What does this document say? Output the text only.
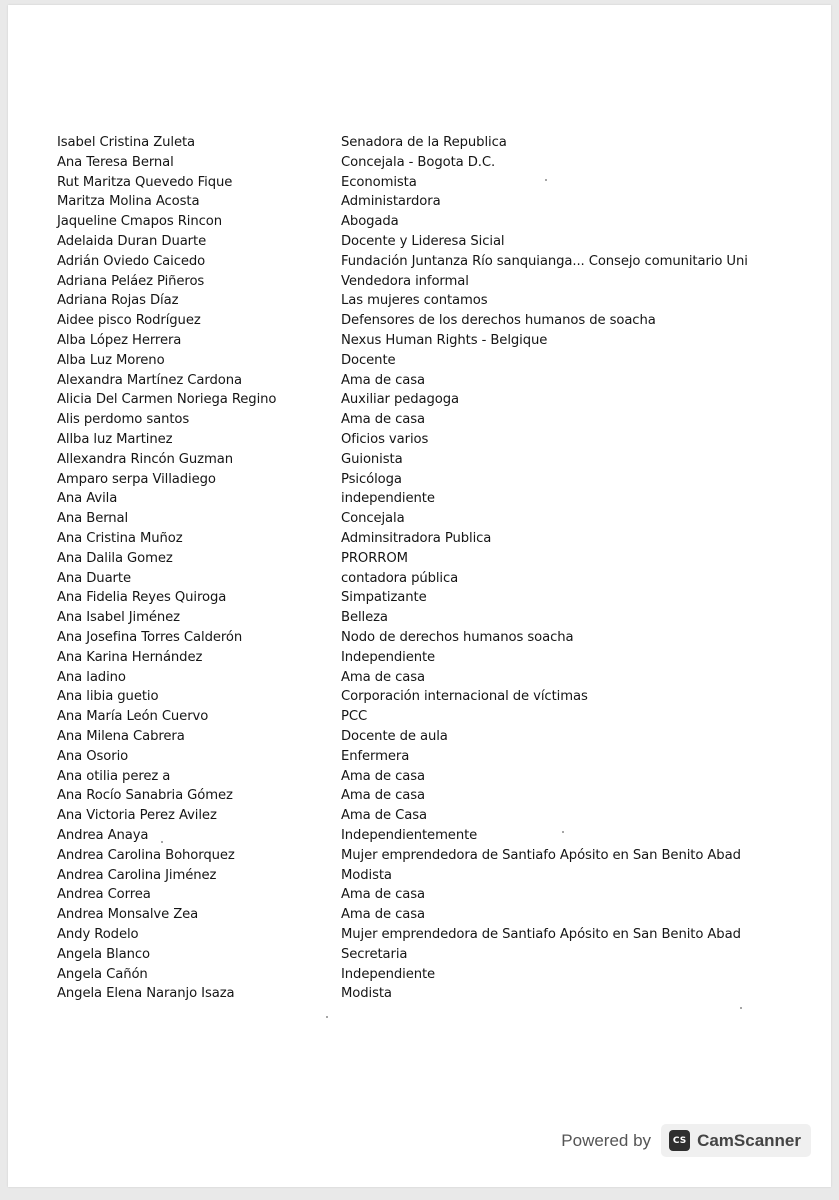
Isabel Cristina Zuleta	Senadora de la Republica
Ana Teresa Bernal	Concejala - Bogota D.C.
Rut Maritza Quevedo Fique	Economista
Maritza Molina Acosta	Administardora
Jaqueline Cmapos Rincon	Abogada
Adelaida Duran Duarte	Docente y Lideresa Sicial
Adrián Oviedo Caicedo	Fundación Juntanza Río sanquianga... Consejo comunitario Uni
Adriana Peláez Piñeros	Vendedora informal
Adriana Rojas Díaz	Las mujeres contamos
Aidee pisco Rodríguez	Defensores de los derechos humanos de soacha
Alba López Herrera	Nexus Human Rights - Belgique
Alba Luz Moreno	Docente
Alexandra Martínez Cardona	Ama de casa
Alicia Del Carmen Noriega Regino	Auxiliar pedagoga
Alis perdomo santos	Ama de casa
Allba luz Martinez	Oficios varios
Allexandra Rincón Guzman	Guionista
Amparo serpa Villadiego	Psicóloga
Ana Avila	independiente
Ana Bernal	Concejala
Ana Cristina Muñoz	Adminsitradora Publica
Ana Dalila Gomez	PRORROM
Ana Duarte	contadora pública
Ana Fidelia Reyes Quiroga	Simpatizante
Ana Isabel Jiménez	Belleza
Ana Josefina Torres Calderón	Nodo de derechos humanos soacha
Ana Karina Hernández	Independiente
Ana ladino	Ama de casa
Ana libia guetio	Corporación internacional de víctimas
Ana María León Cuervo	PCC
Ana Milena Cabrera	Docente de aula
Ana Osorio	Enfermera
Ana otilia perez a	Ama de casa
Ana Rocío Sanabria Gómez	Ama de casa
Ana Victoria Perez Avilez	Ama de Casa
Andrea Anaya	Independientemente
Andrea Carolina Bohorquez	Mujer emprendedora de Santiafo Apósito en San Benito Abad
Andrea Carolina Jiménez	Modista
Andrea Correa	Ama de casa
Andrea Monsalve Zea	Ama de casa
Andy Rodelo	Mujer emprendedora de Santiafo Apósito en San Benito Abad
Angela Blanco	Secretaria
Angela Cañón	Independiente
Angela Elena Naranjo Isaza	Modista
Powered by	CS CamScanner
